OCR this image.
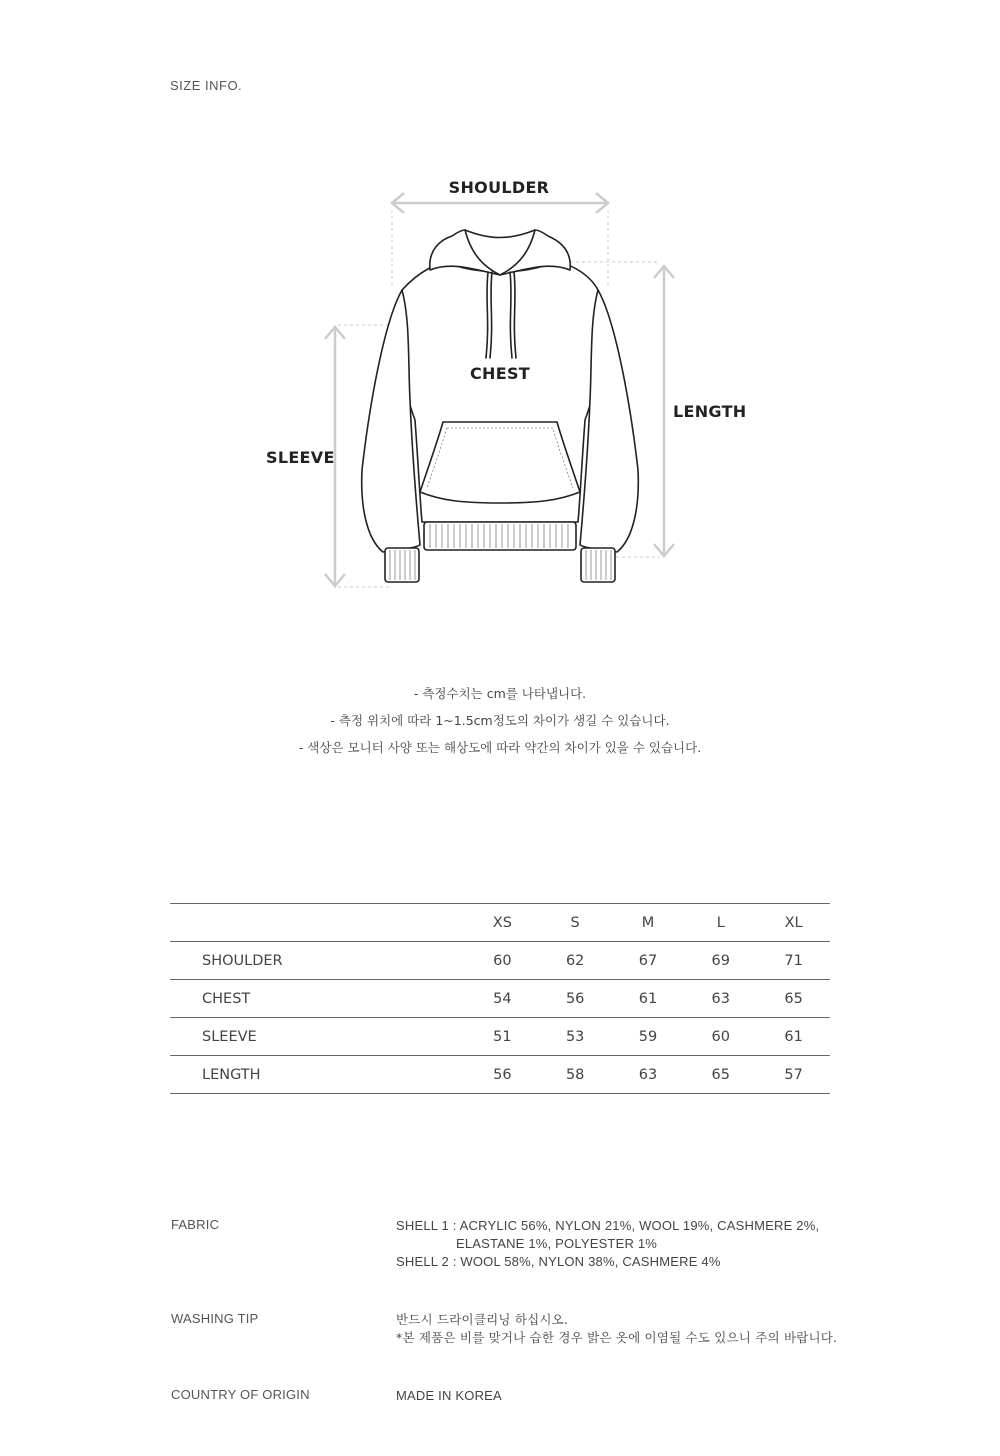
SIZE INFO.
SHOULDER
CHEST
LENGTH
SLEEVE
- 측정수치는 cm를 나타냅니다.
- 측정 위치에 따라 1~1.5cm정도의 차이가 생길 수 있습니다.
- 색상은 모니터 사양 또는 해상도에 따라 약간의 차이가 있을 수 있습니다.
	XS	S	M	L	XL
SHOULDER	60	62	67	69	71
CHEST	54	56	61	63	65
SLEEVE	51	53	59	60	61
LENGTH	56	58	63	65	57
FABRIC	SHELL 1 : ACRYLIC 56%, NYLON 21%, WOOL 19%, CASHMERE 2%,
ELASTANE 1%, POLYESTER 1%
SHELL 2 : WOOL 58%, NYLON 38%, CASHMERE 4%
WASHING TIP	반드시 드라이클리닝 하십시오.
*본 제품은 비를 맞거나 습한 경우 밝은 옷에 이염될 수도 있으니 주의 바랍니다.
COUNTRY OF ORIGIN	MADE IN KOREA
